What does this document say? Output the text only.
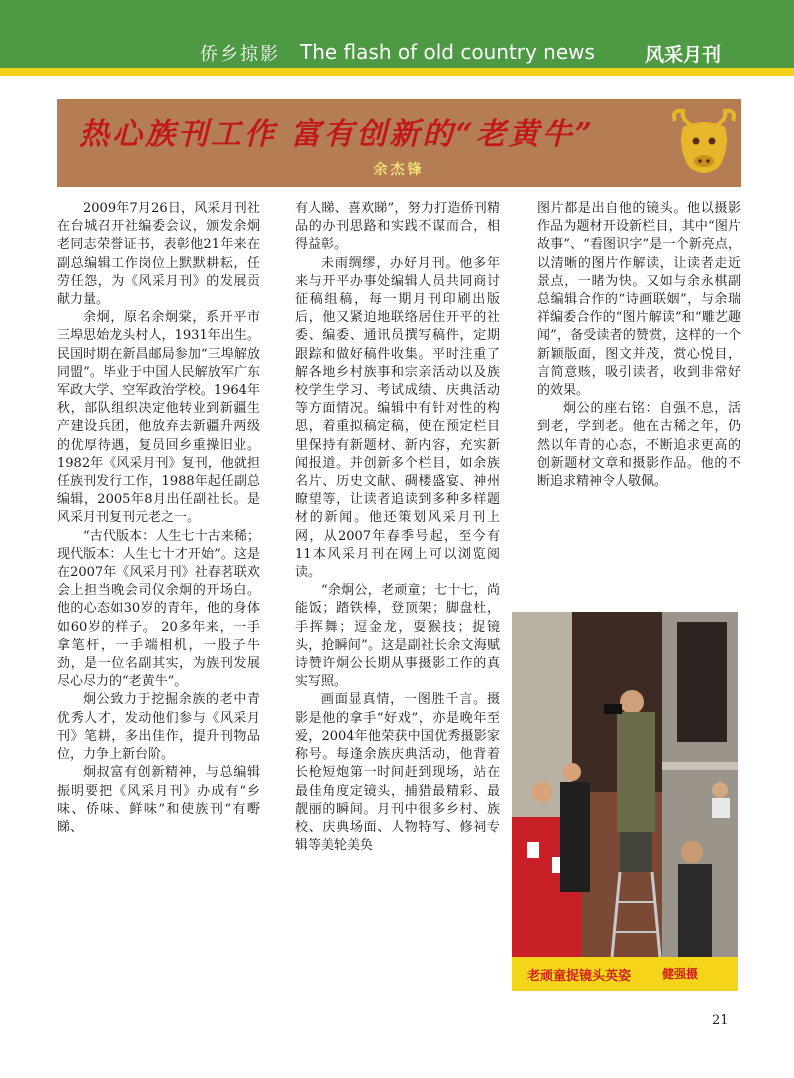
侨乡掠影 The flash of old country news	风采月刊
热心族刊工作 富有创新的“老黄牛”
余杰锋

2009年7月26日，风采月刊社在台城召开社编委会议，颁发余炯老同志荣誉证书，表彰他21年来在副总编辑工作岗位上默默耕耘，任劳任怨，为《风采月刊》的发展贡献力量。

余炯，原名余炯棠，系开平市三埠思始龙头村人，1931年出生。民国时期在新昌邮局参加“三埠解放同盟”。毕业于中国人民解放军广东军政大学、空军政治学校。1964年秋，部队组织决定他转业到新疆生产建设兵团，他放弃去新疆升两级的优厚待遇，复员回乡重操旧业。1982年《风采月刊》复刊，他就担任族刊发行工作，1988年起任副总编辑，2005年8月出任副社长。是风采月刊复刊元老之一。

“古代版本：人生七十古来稀；现代版本：人生七十才开始”。这是在2007年《风采月刊》社春茗联欢会上担当晚会司仪余炯的开场白。他的心态如30岁的青年，他的身体如60岁的样子。 20多年来，一手拿笔杆，一手端相机，一股子牛劲，是一位名副其实，为族刊发展尽心尽力的“老黄牛”。

炯公致力于挖掘余族的老中青优秀人才，发动他们参与《风采月刊》笔耕，多出佳作，提升刊物品位，力争上新台阶。

炯叔富有创新精神，与总编辑振明要把《风采月刊》办成有“乡味、侨味、鲜味”和使族刊“有嘢睇、

有人睇、喜欢睇”，努力打造侨刊精品的办刊思路和实践不谋而合，相得益彰。

未雨绸缪，办好月刊。他多年来与开平办事处编辑人员共同商讨征稿组稿，每一期月刊印刷出版后，他又紧迫地联络居住开平的社委、编委、通讯员撰写稿件，定期跟踪和做好稿件收集。平时注重了解各地乡村族事和宗亲活动以及族校学生学习、考试成绩、庆典活动等方面情况。编辑中有针对性的构思，着重拟稿定稿，使在预定栏目里保持有新题材、新内容，充实新闻报道。并创新多个栏目，如余族名片、历史文献、碉楼盛宴、神州瞭望等，让读者追读到多种多样题材的新闻。他还策划风采月刊上网，从2007年春季号起，至今有11本风采月刊在网上可以浏览阅读。

“余炯公，老顽童；七十七，尚能饭；踏铁棒，登顶架；脚盘杜，手挥舞；逗金龙，耍猴技；捉镜头，抢瞬间”。这是副社长余文海赋诗赞许炯公长期从事摄影工作的真实写照。

画面显真情，一图胜千言。摄影是他的拿手“好戏”，亦是晚年至爱，2004年他荣获中国优秀摄影家称号。每逢余族庆典活动，他背着长枪短炮第一时间赶到现场，站在最佳角度定镜头，捕猎最精彩、最靓丽的瞬间。月刊中很多乡村、族校、庆典场面、人物特写、修祠专辑等美轮美奂

图片都是出自他的镜头。他以摄影作品为题材开设新栏目，其中“图片故事”、“看图识字”是一个新亮点，以清晰的图片作解读，让读者走近景点，一睹为快。又如与余永棋副总编辑合作的“诗画联姻”，与余瑞祥编委合作的“图片解读”和“雕艺趣闻”，备受读者的赞赏，这样的一个新颖版面，图文并茂，赏心悦目，言简意赅，吸引读者，收到非常好的效果。

炯公的座右铭：自强不息，活到老，学到老。他在古稀之年，仍然以年青的心态，不断追求更高的创新题材文章和摄影作品。他的不断追求精神令人敬佩。

老顽童捉镜头英姿	健强摄
21
